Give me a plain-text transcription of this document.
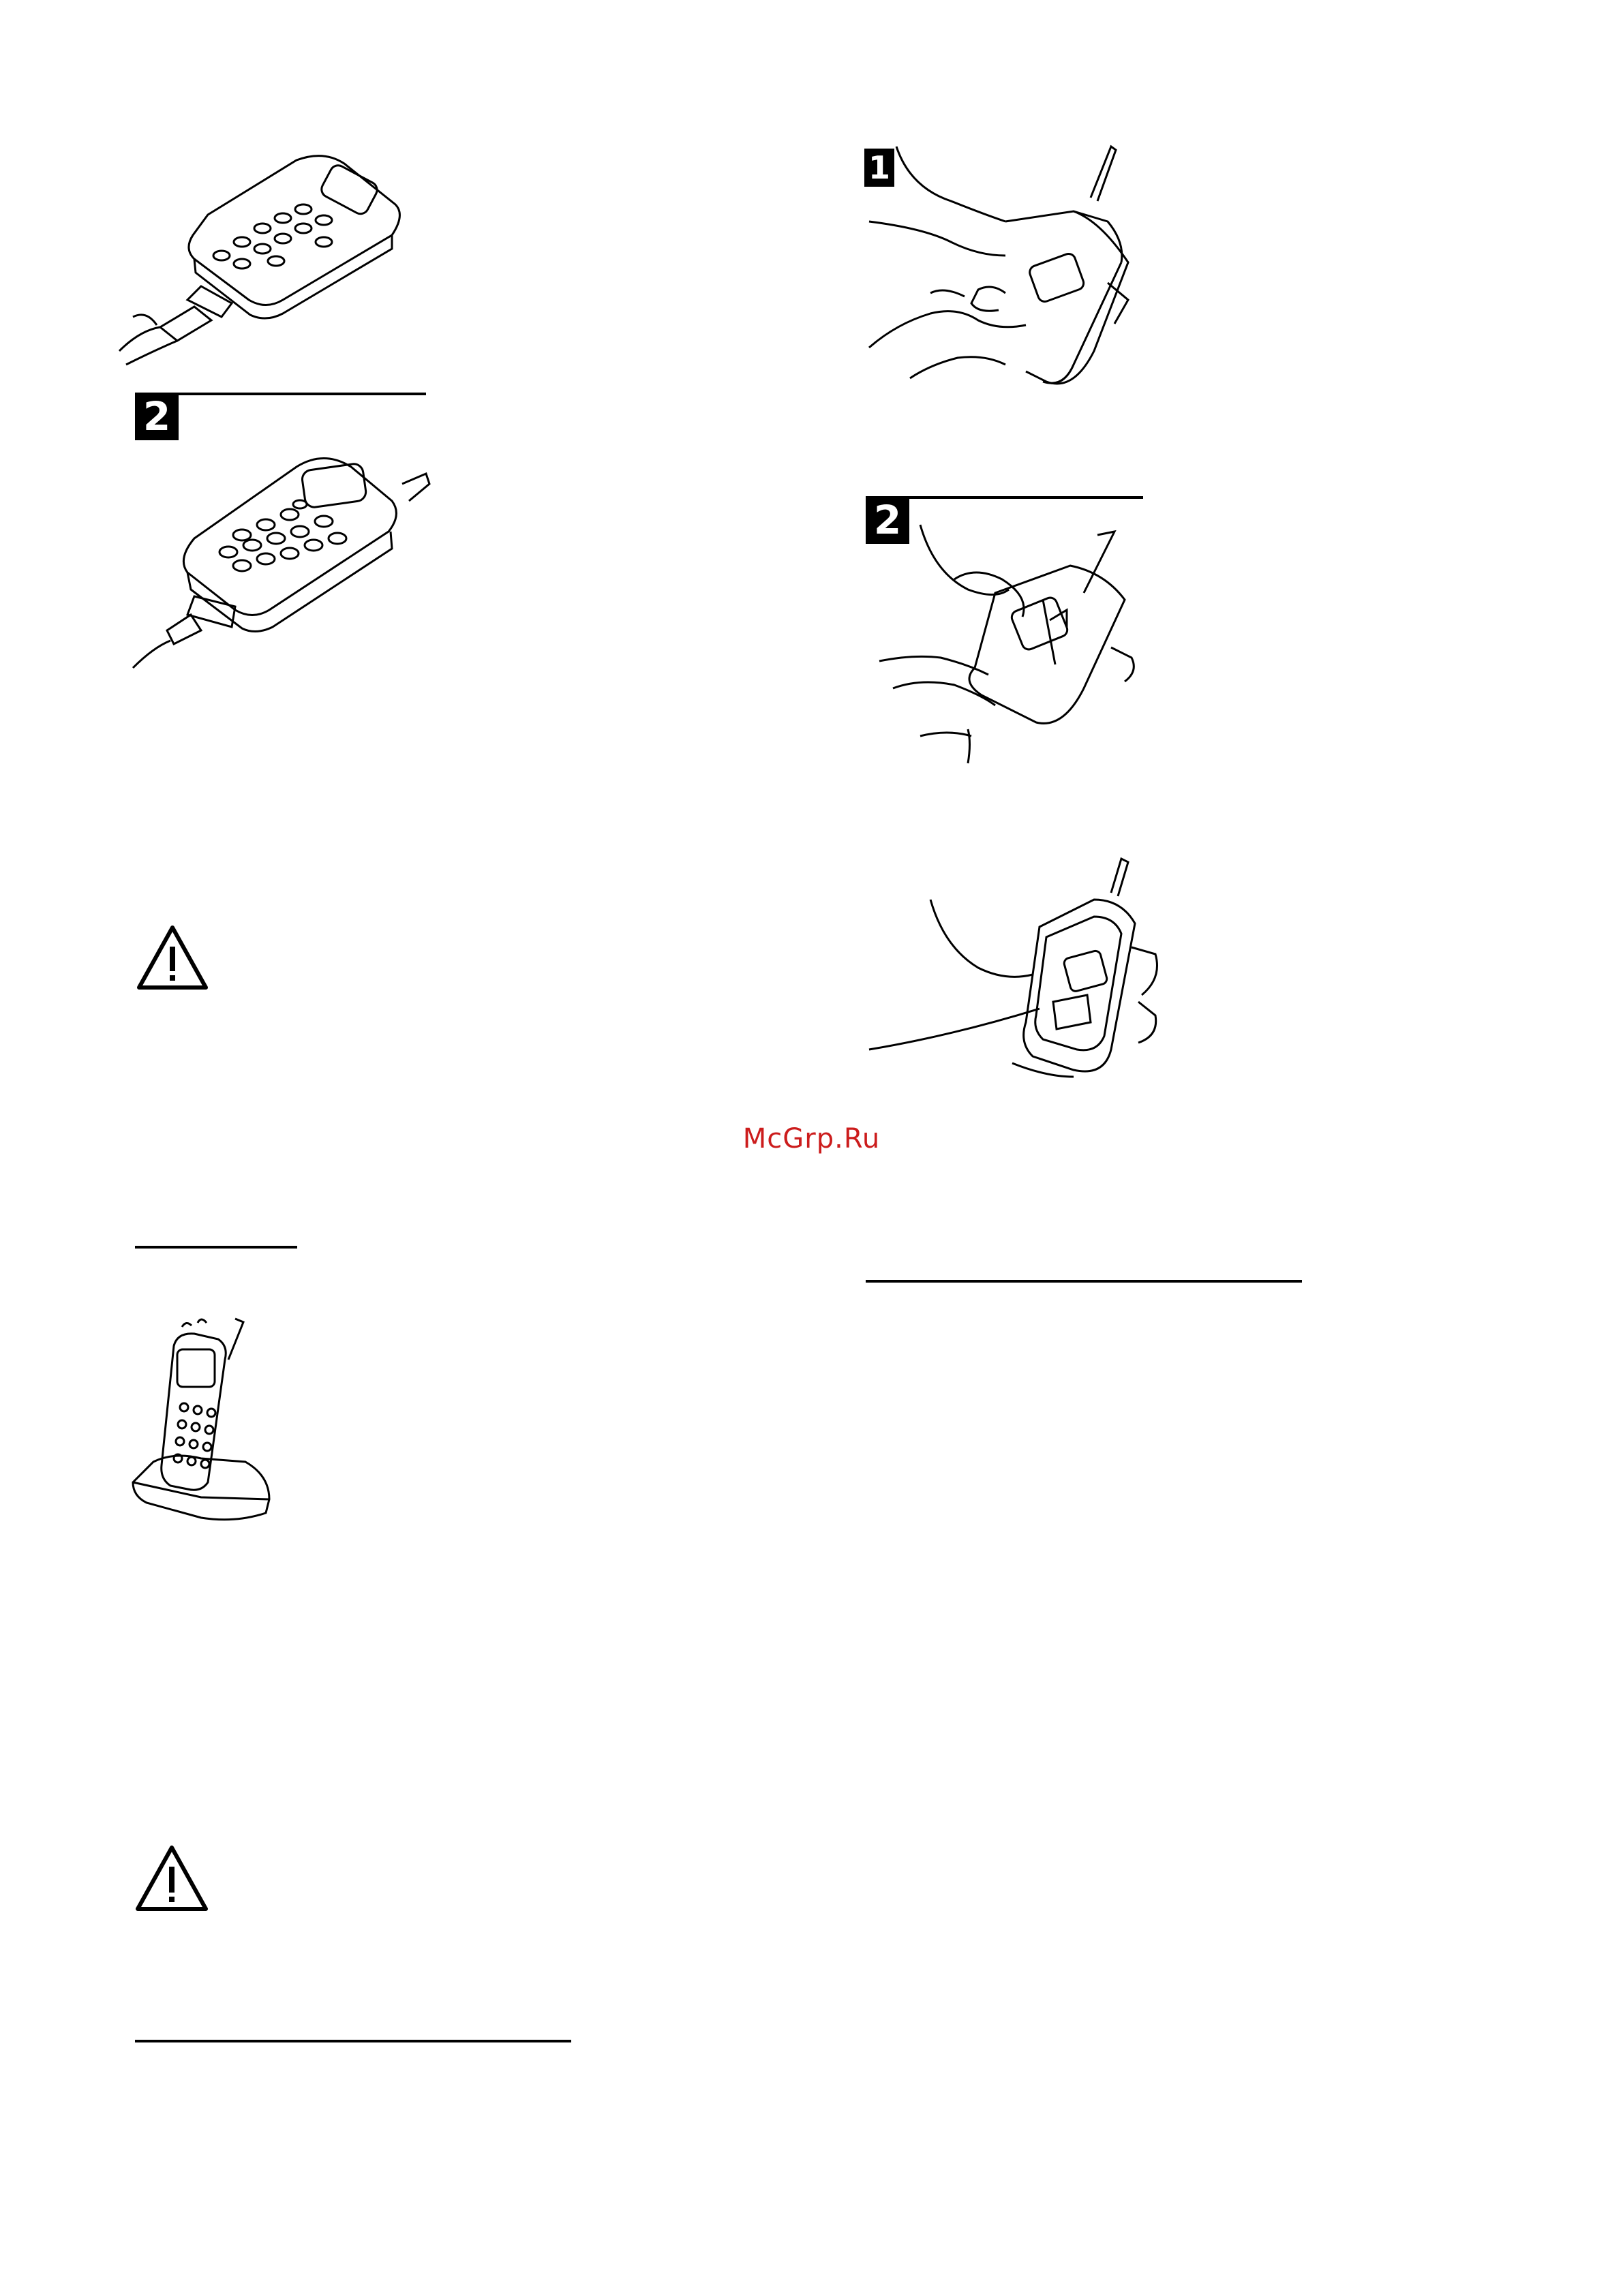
2
1
2
McGrp.Ru
